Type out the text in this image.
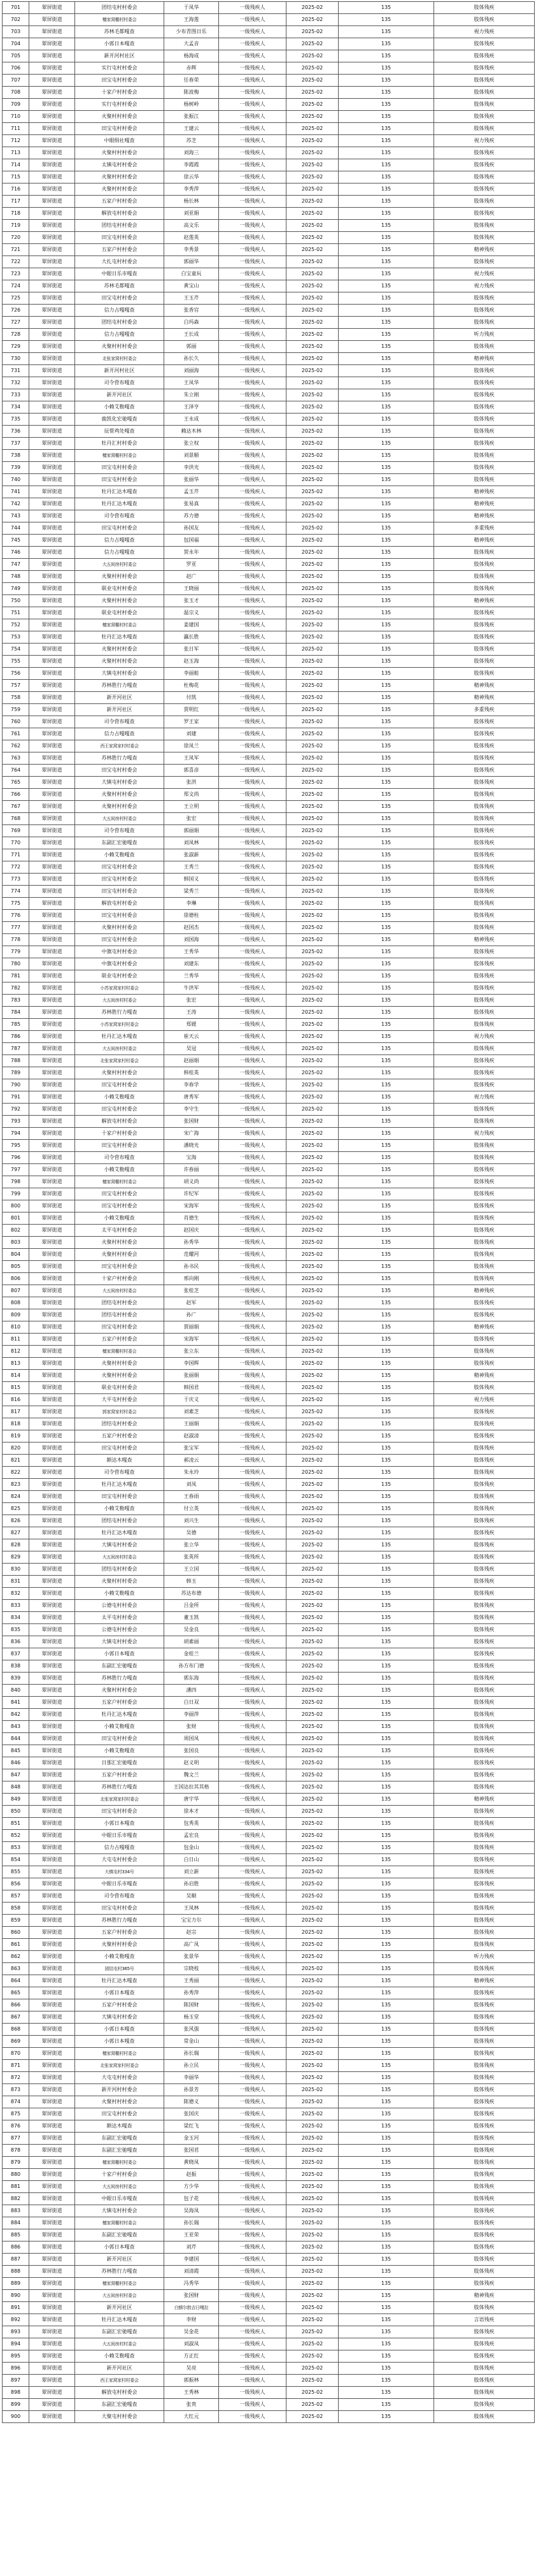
701	翠屏街道	团结屯村村委会	于凤华	一级残疾人	2025-02	135	肢体残疾
702	翠屏街道	檀家窝棚村村委会	王海莲	一级残疾人	2025-02	135	肢体残疾
703	翠屏街道	苏林毛都嘎查	少布青图日乐	一级残疾人	2025-02	135	视力残疾
704	翠屏街道	小郭日本嘎查	大孟音	一级残疾人	2025-02	135	肢体残疾
705	翠屏街道	新开河村社区	杨海成	一级残疾人	2025-02	135	肢体残疾
706	翠屏街道	实行屯村村委会	赤辉	一级残疾人	2025-02	135	肢体残疾
707	翠屏街道	田宝屯村村委会	任春荣	一级残疾人	2025-02	135	肢体残疾
708	翠屏街道	十家户村村委会	陈波梅	一级残疾人	2025-02	135	肢体残疾
709	翠屏街道	实行屯村村委会	杨树岭	一级残疾人	2025-02	135	肢体残疾
710	翠屏街道	火聚村村村委会	张振江	一级残疾人	2025-02	135	肢体残疾
711	翠屏街道	田宝屯村村委会	王建云	一级残疾人	2025-02	135	肢体残疾
712	翠屏街道	中眼绢社嘎查	苏芝	一级残疾人	2025-02	135	视力残疾
713	翠屏街道	火聚村村村委会	刘海三	一级残疾人	2025-02	135	肢体残疾
714	翠屏街道	太镇屯村村委会	李霞霞	一级残疾人	2025-02	135	肢体残疾
715	翠屏街道	火聚村村村委会	徐云华	一级残疾人	2025-02	135	肢体残疾
716	翠屏街道	火聚村村村委会	李秀萍	一级残疾人	2025-02	135	肢体残疾
717	翠屏街道	五家户村村委会	杨长林	一级残疾人	2025-02	135	肢体残疾
718	翠屏街道	解放屯村村委会	刘亚娟	一级残疾人	2025-02	135	肢体残疾
719	翠屏街道	团结屯村村委会	高文乐	一级残疾人	2025-02	135	肢体残疾
720	翠屏街道	田宝屯村村委会	赵莲英	一级残疾人	2025-02	135	肢体残疾
721	翠屏街道	五家户村村委会	李秀景	一级残疾人	2025-02	135	精神残疾
722	翠屏街道	大扎屯村村委会	郭丽华	一级残疾人	2025-02	135	肢体残疾
723	翠屏街道	中眼日乐市嘎查	白宝童玩	一级残疾人	2025-02	135	视力残疾
724	翠屏街道	苏林毛都嘎查	黄宝山	一级残疾人	2025-02	135	视力残疾
725	翠屏街道	田宝屯村村委会	王玉芹	一级残疾人	2025-02	135	肢体残疾
726	翠屏街道	信力占嘎嘎查	张香官	一级残疾人	2025-02	135	肢体残疾
727	翠屏街道	团结屯村村委会	白玛森	一级残疾人	2025-02	135	肢体残疾
728	翠屏街道	信力占嘎嘎查	王长成	一级残疾人	2025-02	135	听力残疾
729	翠屏街道	火聚村村村委会	郭丽	一级残疾人	2025-02	135	肢体残疾
730	翠屏街道	北张家窝村村委会	孙长久	一级残疾人	2025-02	135	精神残疾
731	翠屏街道	新开河村社区	刘丽海	一级残疾人	2025-02	135	肢体残疾
732	翠屏街道	司令营布嘎查	王凤华	一级残疾人	2025-02	135	肢体残疾
733	翠屏街道	新开河社区	朱立刚	一级残疾人	2025-02	135	肢体残疾
734	翠屏街道	小赖艾勒嘎查	王泽亨	一级残疾人	2025-02	135	肢体残疾
735	翠屏街道	鹿凯化宏驰嘎查	王永成	一级残疾人	2025-02	135	肢体残疾
736	翠屏街道	辰帮鸡处嘎查	赖达木林	一级残疾人	2025-02	135	肢体残疾
737	翠屏街道	牡丹汇村村委会	张立权	一级残疾人	2025-02	135	肢体残疾
738	翠屏街道	檀家窝棚村村委会	刘景顺	一级残疾人	2025-02	135	肢体残疾
739	翠屏街道	田宝屯村村委会	李洪光	一级残疾人	2025-02	135	肢体残疾
740	翠屏街道	田宝屯村村委会	张丽华	一级残疾人	2025-02	135	肢体残疾
741	翠屏街道	牡丹汇达木嘎查	孟玉芹	一级残疾人	2025-02	135	精神残疾
742	翠屏街道	牡丹汇达木嘎查	张易真	一级残疾人	2025-02	135	精神残疾
743	翠屏街道	司令营布嘎查	苏力德	一级残疾人	2025-02	135	精神残疾
744	翠屏街道	田宝屯村村委会	孙国友	一级残疾人	2025-02	135	多重残疾
745	翠屏街道	信力占嘎嘎查	包国福	一级残疾人	2025-02	135	精神残疾
746	翠屏街道	信力占嘎嘎查	贺永年	一级残疾人	2025-02	135	肢体残疾
747	翠屏街道	大五间房村村委会	罗亚	一级残疾人	2025-02	135	肢体残疾
748	翠屏街道	火聚村村村委会	赵广	一级残疾人	2025-02	135	肢体残疾
749	翠屏街道	联业屯村村委会	王晓丽	一级残疾人	2025-02	135	肢体残疾
750	翠屏街道	火聚村村村委会	张玉才	一级残疾人	2025-02	135	精神残疾
751	翠屏街道	联业屯村村委会	温宗义	一级残疾人	2025-02	135	肢体残疾
752	翠屏街道	檀家窝棚村村委会	姜建国	一级残疾人	2025-02	135	肢体残疾
753	翠屏街道	牡丹汇达木嘎查	瀛长胜	一级残疾人	2025-02	135	肢体残疾
754	翠屏街道	火聚村村村委会	张日军	一级残疾人	2025-02	135	肢体残疾
755	翠屏街道	火聚村村村委会	赵玉海	一级残疾人	2025-02	135	肢体残疾
756	翠屏街道	大镇屯村村委会	李丽蛙	一级残疾人	2025-02	135	肢体残疾
757	翠屏街道	苏林胜行力嘎查	杜梅花	一级残疾人	2025-02	135	精神残疾
758	翠屏街道	新开河社区	付凯	一级残疾人	2025-02	135	精神残疾
759	翠屏街道	新开河社区	贾明红	一级残疾人	2025-02	135	多重残疾
760	翠屏街道	司令营布嘎查	罗王家	一级残疾人	2025-02	135	肢体残疾
761	翠屏街道	信力占嘎嘎查	刘建	一级残疾人	2025-02	135	肢体残疾
762	翠屏街道	西王家窝家村村委会	徐凤兰	一级残疾人	2025-02	135	肢体残疾
763	翠屏街道	苏林胜行力嘎查	王凤军	一级残疾人	2025-02	135	肢体残疾
764	翠屏街道	田宝屯村村委会	郭喜彦	一级残疾人	2025-02	135	肢体残疾
765	翠屏街道	大镇屯村村委会	张洪	一级残疾人	2025-02	135	肢体残疾
766	翠屏街道	火聚村村村委会	郑文尚	一级残疾人	2025-02	135	肢体残疾
767	翠屏街道	火聚村村村委会	王立明	一级残疾人	2025-02	135	肢体残疾
768	翠屏街道	大五间房村村委会	张宏	一级残疾人	2025-02	135	肢体残疾
769	翠屏街道	司令营布嘎查	郭丽娟	一级残疾人	2025-02	135	肢体残疾
770	翠屏街道	东副汇宏驰嘎查	刘凤林	一级残疾人	2025-02	135	肢体残疾
771	翠屏街道	小赖艾勒嘎查	张淑新	一级残疾人	2025-02	135	肢体残疾
772	翠屏街道	田宝屯村村委会	王秀兰	一级残疾人	2025-02	135	肢体残疾
773	翠屏街道	田宝屯村村委会	韩国义	一级残疾人	2025-02	135	肢体残疾
774	翠屏街道	田宝屯村村委会	梁秀兰	一级残疾人	2025-02	135	肢体残疾
775	翠屏街道	解放屯村村委会	李琳	一级残疾人	2025-02	135	肢体残疾
776	翠屏街道	田宝屯村村委会	徐德柱	一级残疾人	2025-02	135	肢体残疾
777	翠屏街道	火聚村村村委会	赵国杰	一级残疾人	2025-02	135	肢体残疾
778	翠屏街道	田宝屯村村委会	刘国海	一级残疾人	2025-02	135	精神残疾
779	翠屏街道	中旗屯村村委会	王秀华	一级残疾人	2025-02	135	肢体残疾
780	翠屏街道	中旗屯村村委会	刘建东	一级残疾人	2025-02	135	肢体残疾
781	翠屏街道	联业屯村村委会	兰秀华	一级残疾人	2025-02	135	肢体残疾
782	翠屏街道	小苏家窝家村村委会	牛洪军	一级残疾人	2025-02	135	肢体残疾
783	翠屏街道	大五间房村村委会	张宏	一级残疾人	2025-02	135	肢体残疾
784	翠屏街道	苏林胜行力嘎查	王涛	一级残疾人	2025-02	135	肢体残疾
785	翠屏街道	小苏家窝家村村委会	郑媛	一级残疾人	2025-02	135	肢体残疾
786	翠屏街道	牡丹汇达木嘎查	崔天云	一级残疾人	2025-02	135	视力残疾
787	翠屏街道	大五间房村村委会	吴冠	一级残疾人	2025-02	135	肢体残疾
788	翠屏街道	北张家窝家村村委会	赵丽娟	一级残疾人	2025-02	135	肢体残疾
789	翠屏街道	火聚村村村委会	韩桂英	一级残疾人	2025-02	135	肢体残疾
790	翠屏街道	田宝屯村村委会	李春学	一级残疾人	2025-02	135	肢体残疾
791	翠屏街道	小赖艾勒嘎查	唐秀军	一级残疾人	2025-02	135	视力残疾
792	翠屏街道	田宝屯村村委会	李守生	一级残疾人	2025-02	135	肢体残疾
793	翠屏街道	解放屯村村委会	张国财	一级残疾人	2025-02	135	肢体残疾
794	翠屏街道	十家户村村委会	宋广海	一级残疾人	2025-02	135	视力残疾
795	翠屏街道	田宝屯村村委会	潘晓光	一级残疾人	2025-02	135	肢体残疾
796	翠屏街道	司令营布嘎查	宝海	一级残疾人	2025-02	135	肢体残疾
797	翠屏街道	小赖艾勒嘎查	许春丽	一级残疾人	2025-02	135	肢体残疾
798	翠屏街道	檀家窝棚村村委会	胡义尚	一级残疾人	2025-02	135	肢体残疾
799	翠屏街道	田宝屯村村委会	许纪军	一级残疾人	2025-02	135	肢体残疾
800	翠屏街道	田宝屯村村委会	宋海军	一级残疾人	2025-02	135	肢体残疾
801	翠屏街道	小赖艾勒嘎查	肖德生	一级残疾人	2025-02	135	肢体残疾
802	翠屏街道	太平屯村村委会	赵国庆	一级残疾人	2025-02	135	肢体残疾
803	翠屏街道	火聚村村村委会	孙秀华	一级残疾人	2025-02	135	肢体残疾
804	翠屏街道	火聚村村村委会	范耀河	一级残疾人	2025-02	135	肢体残疾
805	翠屏街道	田宝屯村村委会	孙书民	一级残疾人	2025-02	135	肢体残疾
806	翠屏街道	十家户村村委会	邢向刚	一级残疾人	2025-02	135	肢体残疾
807	翠屏街道	大五间房村村委会	张桂芝	一级残疾人	2025-02	135	精神残疾
808	翠屏街道	团结屯村村委会	赵军	一级残疾人	2025-02	135	肢体残疾
809	翠屏街道	团结屯村村委会	孙广	一级残疾人	2025-02	135	肢体残疾
810	翠屏街道	田宝屯村村委会	贾丽娟	一级残疾人	2025-02	135	精神残疾
811	翠屏街道	五家户村村委会	宋海军	一级残疾人	2025-02	135	肢体残疾
812	翠屏街道	檀家窝棚村村委会	张立东	一级残疾人	2025-02	135	肢体残疾
813	翠屏街道	火聚村村村委会	李国辉	一级残疾人	2025-02	135	肢体残疾
814	翠屏街道	火聚村村村委会	张丽娟	一级残疾人	2025-02	135	精神残疾
815	翠屏街道	联业屯村村委会	韩国君	一级残疾人	2025-02	135	肢体残疾
816	翠屏街道	大平屯村村委会	于庆义	一级残疾人	2025-02	135	视力残疾
817	翠屏街道	郭家窝家村村委会	刘素芝	一级残疾人	2025-02	135	肢体残疾
818	翠屏街道	团结屯村村委会	王丽娟	一级残疾人	2025-02	135	肢体残疾
819	翠屏街道	五家户村村委会	赵淑清	一级残疾人	2025-02	135	肢体残疾
820	翠屏街道	田宝屯村村委会	张宝军	一级残疾人	2025-02	135	肢体残疾
821	翠屏街道	额达木嘎查	郝凌云	一级残疾人	2025-02	135	肢体残疾
822	翠屏街道	司令营布嘎查	朱永玲	一级残疾人	2025-02	135	肢体残疾
823	翠屏街道	牡丹汇达木嘎查	刘凤	一级残疾人	2025-02	135	肢体残疾
824	翠屏街道	田宝屯村村委会	王春雨	一级残疾人	2025-02	135	肢体残疾
825	翠屏街道	小赖艾勒嘎查	付立英	一级残疾人	2025-02	135	肢体残疾
826	翠屏街道	团结屯村村委会	刘兴生	一级残疾人	2025-02	135	肢体残疾
827	翠屏街道	牡丹汇达木嘎查	吴德	一级残疾人	2025-02	135	肢体残疾
828	翠屏街道	大镇屯村村委会	张立华	一级残疾人	2025-02	135	肢体残疾
829	翠屏街道	大五间房村村委会	张英所	一级残疾人	2025-02	135	肢体残疾
830	翠屏街道	团结屯村村委会	王立国	一级残疾人	2025-02	135	肢体残疾
831	翠屏街道	火聚村村村委会	韩玉	一级残疾人	2025-02	135	肢体残疾
832	翠屏街道	小赖艾勒嘎查	苏达布德	一级残疾人	2025-02	135	肢体残疾
833	翠屏街道	公德屯村村委会	吕金所	一级残疾人	2025-02	135	肢体残疾
834	翠屏街道	太平屯村村委会	董玉凯	一级残疾人	2025-02	135	肢体残疾
835	翠屏街道	公德屯村村委会	吴金良	一级残疾人	2025-02	135	肢体残疾
836	翠屏街道	大镇屯村村委会	胡素丽	一级残疾人	2025-02	135	肢体残疾
837	翠屏街道	小郭日本嘎查	金桂兰	一级残疾人	2025-02	135	肢体残疾
838	翠屏街道	东副汇宏驰嘎查	孙方布门德	一级残疾人	2025-02	135	肢体残疾
839	翠屏街道	苏林胜行力嘎查	郭东海	一级残疾人	2025-02	135	肢体残疾
840	翠屏街道	火聚村村村委会	潘四	一级残疾人	2025-02	135	肢体残疾
841	翠屏街道	五家户村村委会	白日双	一级残疾人	2025-02	135	肢体残疾
842	翠屏街道	牡丹汇达木嘎查	李丽萍	一级残疾人	2025-02	135	肢体残疾
843	翠屏街道	小赖艾勒嘎查	张财	一级残疾人	2025-02	135	肢体残疾
844	翠屏街道	田宝屯村村委会	周国凤	一级残疾人	2025-02	135	肢体残疾
845	翠屏街道	小赖艾勒嘎查	张国良	一级残疾人	2025-02	135	肢体残疾
846	翠屏街道	日那汇宏驰嘎查	赵义明	一级残疾人	2025-02	135	肢体残疾
847	翠屏街道	五家户村村委会	魏文兰	一级残疾人	2025-02	135	肢体残疾
848	翠屏街道	苏林胜行力嘎查	王国达拉其其格	一级残疾人	2025-02	135	肢体残疾
849	翠屏街道	北张家窝家村村委会	唐宇华	一级残疾人	2025-02	135	精神残疾
850	翠屏街道	田宝屯村村委会	徐本才	一级残疾人	2025-02	135	肢体残疾
851	翠屏街道	小郭日本嘎查	包秀英	一级残疾人	2025-02	135	肢体残疾
852	翠屏街道	中眼日乐市嘎查	孟宏良	一级残疾人	2025-02	135	肢体残疾
853	翠屏街道	信力占嘎嘎查	包金山	一级残疾人	2025-02	135	肢体残疾
854	翠屏街道	大屯屯村村委会	白日山	一级残疾人	2025-02	135	肢体残疾
855	翠屏街道	大镇屯村334号	刘立新	一级残疾人	2025-02	135	肢体残疾
856	翠屏街道	中眼日乐市嘎查	孙启胜	一级残疾人	2025-02	135	肢体残疾
857	翠屏街道	司令营布嘎查	吴顺	一级残疾人	2025-02	135	肢体残疾
858	翠屏街道	田宝屯村村委会	王凤林	一级残疾人	2025-02	135	肢体残疾
859	翠屏街道	苏林胜行力嘎查	宝宝力尔	一级残疾人	2025-02	135	肢体残疾
860	翠屏街道	五家户村村委会	赵宗	一级残疾人	2025-02	135	肢体残疾
861	翠屏街道	火聚村村村委会	高广凤	一级残疾人	2025-02	135	肢体残疾
862	翠屏街道	小赖艾勒嘎查	张景华	一级残疾人	2025-02	135	听力残疾
863	翠屏街道	团结屯村365号	宗晓枝	一级残疾人	2025-02	135	肢体残疾
864	翠屏街道	牡丹汇达木嘎查	王秀丽	一级残疾人	2025-02	135	精神残疾
865	翠屏街道	小郭日本嘎查	孙秀萍	一级残疾人	2025-02	135	肢体残疾
866	翠屏街道	五家户村村委会	陈国财	一级残疾人	2025-02	135	肢体残疾
867	翠屏街道	大镇屯村村委会	杨玉堂	一级残疾人	2025-02	135	肢体残疾
868	翠屏街道	小郭日本嘎查	张风强	一级残疾人	2025-02	135	肢体残疾
869	翠屏街道	小郭日本嘎查	常金山	一级残疾人	2025-02	135	肢体残疾
870	翠屏街道	檀家窝棚村村委会	孙长瑞	一级残疾人	2025-02	135	肢体残疾
871	翠屏街道	北张家窝家村村委会	孙立民	一级残疾人	2025-02	135	肢体残疾
872	翠屏街道	大屯屯村村委会	李丽华	一级残疾人	2025-02	135	肢体残疾
873	翠屏街道	新开河村村委会	孙景芳	一级残疾人	2025-02	135	肢体残疾
874	翠屏街道	火聚村村村委会	陈德义	一级残疾人	2025-02	135	肢体残疾
875	翠屏街道	田宝屯村村委会	张国庆	一级残疾人	2025-02	135	肢体残疾
876	翠屏街道	额达木嘎查	梁红飞	一级残疾人	2025-02	135	肢体残疾
877	翠屏街道	东副汇宏驰嘎查	金玉河	一级残疾人	2025-02	135	肢体残疾
878	翠屏街道	东副汇宏驰嘎查	张国君	一级残疾人	2025-02	135	肢体残疾
879	翠屏街道	檀家窝棚村村委会	黄晓凤	一级残疾人	2025-02	135	肢体残疾
880	翠屏街道	十家户村村委会	赵振	一级残疾人	2025-02	135	肢体残疾
881	翠屏街道	大五间房村村委会	方少华	一级残疾人	2025-02	135	肢体残疾
882	翠屏街道	中眼日乐市嘎查	包子花	一级残疾人	2025-02	135	肢体残疾
883	翠屏街道	大镇屯村村委会	吴海凤	一级残疾人	2025-02	135	肢体残疾
884	翠屏街道	檀家窝棚村村委会	孙长瑞	一级残疾人	2025-02	135	肢体残疾
885	翠屏街道	东副汇宏驰嘎查	王亚荣	一级残疾人	2025-02	135	肢体残疾
886	翠屏街道	小郭日本嘎查	刘芹	一级残疾人	2025-02	135	肢体残疾
887	翠屏街道	新开河社区	李建国	一级残疾人	2025-02	135	肢体残疾
888	翠屏街道	苏林胜行力嘎查	刘清霞	一级残疾人	2025-02	135	肢体残疾
889	翠屏街道	檀家窝棚村村委会	冯秀华	一级残疾人	2025-02	135	肢体残疾
890	翠屏街道	大五间房村村委会	张国财	一级残疾人	2025-02	135	精神残疾
891	翠屏街道	新开河社区	白额尔敦吉日嘎拉	一级残疾人	2025-02	135	肢体残疾
892	翠屏街道	牡丹汇达木嘎查	李财	一级残疾人	2025-02	135	言语残疾
893	翠屏街道	东副汇宏驰嘎查	吴金花	一级残疾人	2025-02	135	肢体残疾
894	翠屏街道	大五间房村村委会	刘淑凤	一级残疾人	2025-02	135	肢体残疾
895	翠屏街道	小赖艾勒嘎查	方正红	一级残疾人	2025-02	135	肢体残疾
896	翠屏街道	新开河社区	吴亮	一级残疾人	2025-02	135	肢体残疾
897	翠屏街道	西王家窝家村村委会	郭振林	一级残疾人	2025-02	135	肢体残疾
898	翠屏街道	解放屯村村委会	王秀林	一级残疾人	2025-02	135	肢体残疾
899	翠屏街道	东副汇宏驰嘎查	张贵	一级残疾人	2025-02	135	肢体残疾
900	翠屏街道	大聚屯村村委会	大红元	一级残疾人	2025-02	135	肢体残疾
